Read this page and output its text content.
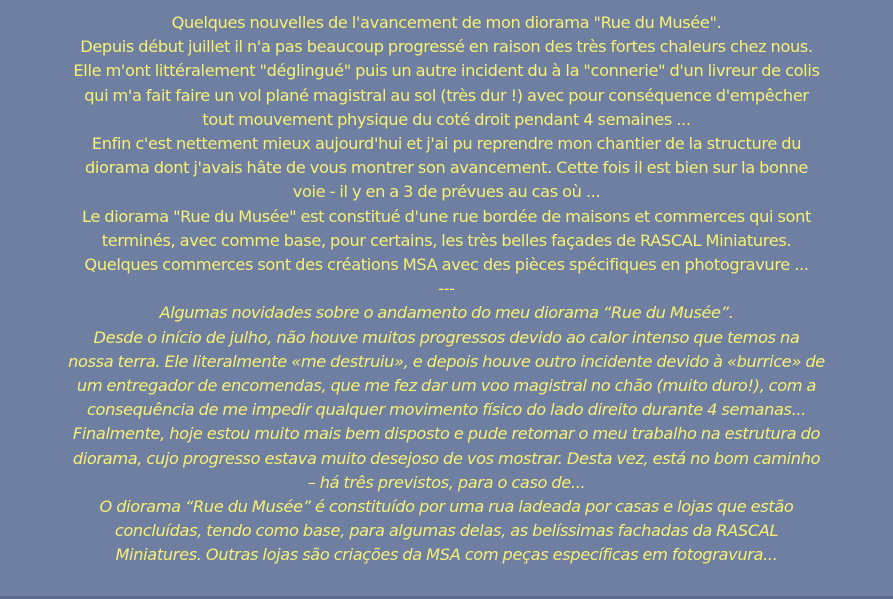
Quelques nouvelles de l'avancement de mon diorama "Rue du Musée".
Depuis début juillet il n'a pas beaucoup progressé en raison des très fortes chaleurs chez nous.
Elle m'ont littéralement "déglingué" puis un autre incident du à la "connerie" d'un livreur de colis
qui m'a fait faire un vol plané magistral au sol (très dur !) avec pour conséquence d'empêcher
tout mouvement physique du coté droit pendant 4 semaines ...
Enfin c'est nettement mieux aujourd'hui et j'ai pu reprendre mon chantier de la structure du
diorama dont j'avais hâte de vous montrer son avancement. Cette fois il est bien sur la bonne
voie - il y en a 3 de prévues au cas où ...
Le diorama "Rue du Musée" est constitué d'une rue bordée de maisons et commerces qui sont
terminés, avec comme base, pour certains, les très belles façades de RASCAL Miniatures.
Quelques commerces sont des créations MSA avec des pièces spécifiques en photogravure ...
---
Algumas novidades sobre o andamento do meu diorama “Rue du Musée”.
Desde o início de julho, não houve muitos progressos devido ao calor intenso que temos na
nossa terra. Ele literalmente «me destruiu», e depois houve outro incidente devido à «burrice» de
um entregador de encomendas, que me fez dar um voo magistral no chão (muito duro!), com a
consequência de me impedir qualquer movimento físico do lado direito durante 4 semanas...
Finalmente, hoje estou muito mais bem disposto e pude retomar o meu trabalho na estrutura do
diorama, cujo progresso estava muito desejoso de vos mostrar. Desta vez, está no bom caminho
– há três previstos, para o caso de...
O diorama “Rue du Musée” é constituído por uma rua ladeada por casas e lojas que estão
concluídas, tendo como base, para algumas delas, as belíssimas fachadas da RASCAL
Miniatures. Outras lojas são criações da MSA com peças específicas em fotogravura...
